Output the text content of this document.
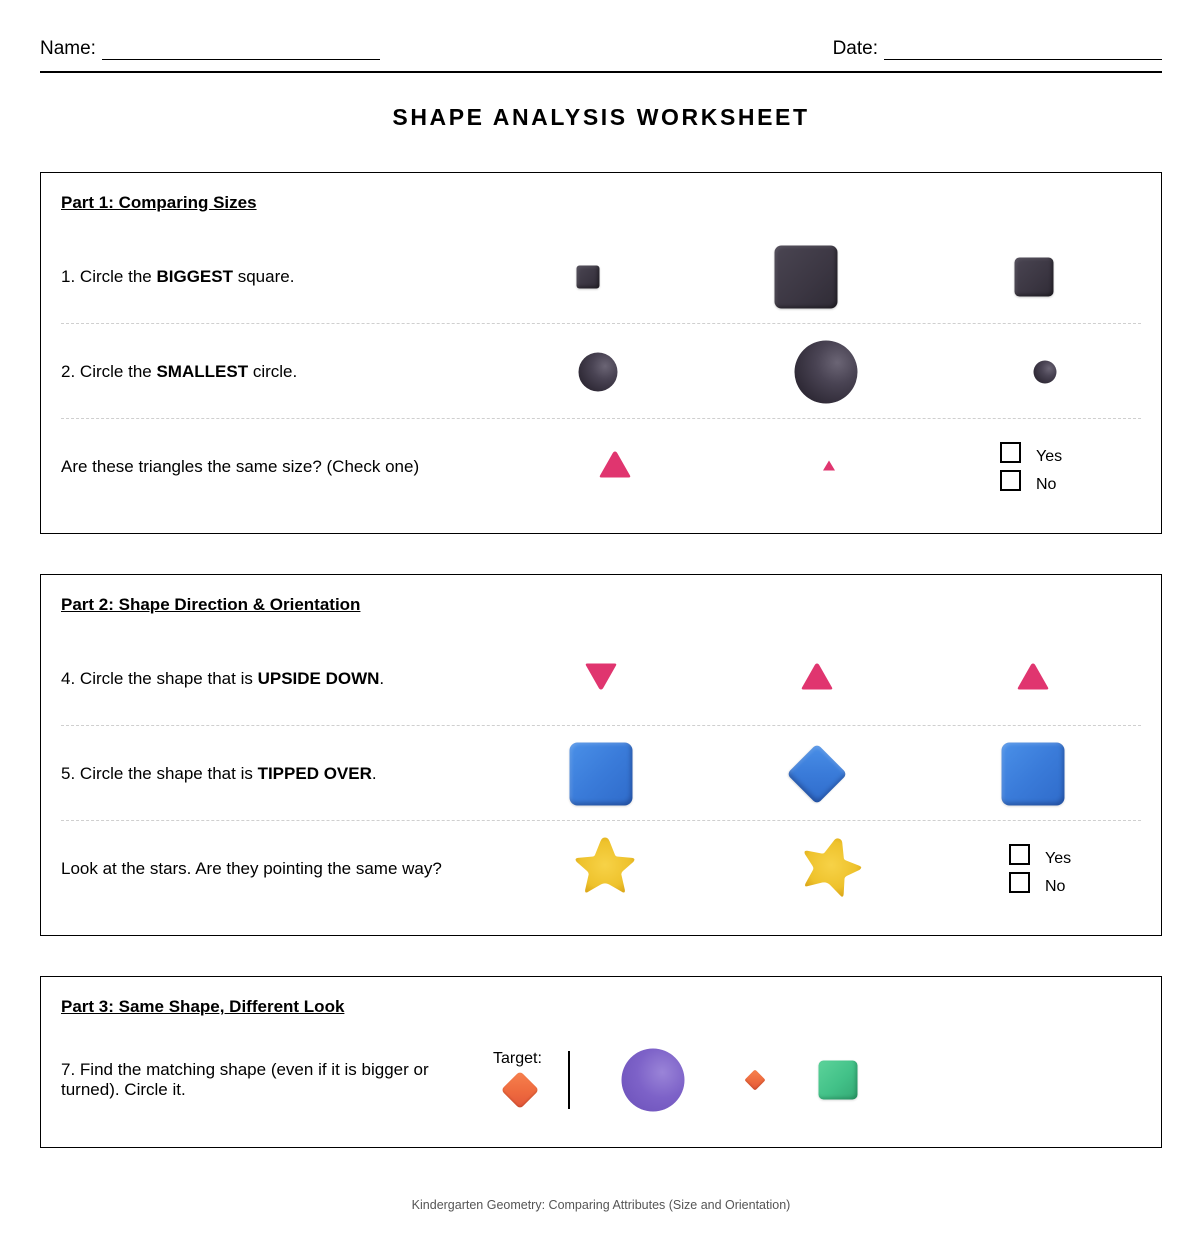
Name:	Date:
SHAPE ANALYSIS WORKSHEET
Part 1: Comparing Sizes
1. Circle the BIGGEST square.
2. Circle the SMALLEST circle.
Are these triangles the same size? (Check one)
Yes
No
Part 2: Shape Direction & Orientation
4. Circle the shape that is UPSIDE DOWN.
5. Circle the shape that is TIPPED OVER.
Look at the stars. Are they pointing the same way?
Yes
No
Part 3: Same Shape, Different Look
7. Find the matching shape (even if it is bigger or
turned). Circle it.
Target:
Kindergarten Geometry: Comparing Attributes (Size and Orientation)
